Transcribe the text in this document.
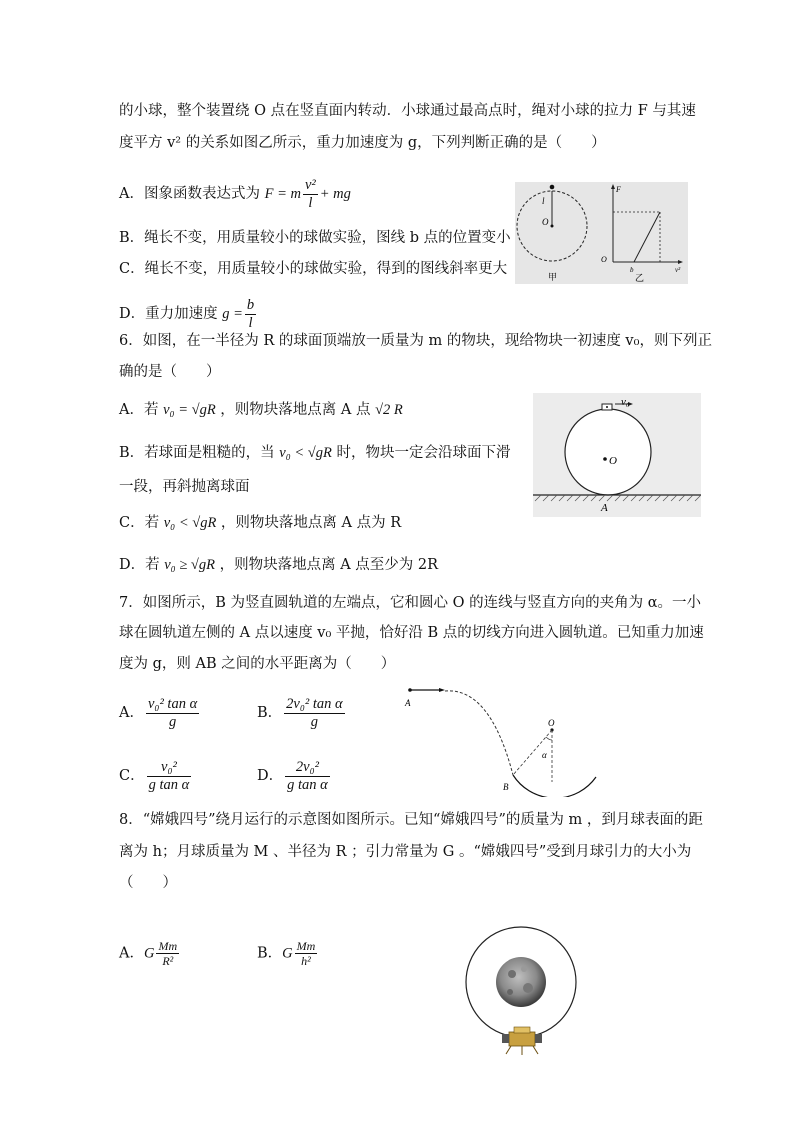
的小球，整个装置绕 O 点在竖直面内转动．小球通过最高点时，绳对小球的拉力 F 与其速
度平方 v² 的关系如图乙所示，重力加速度为 g，下列判断正确的是（　　）
A．图象函数表达式为 F = m $\frac{\text{v²}}{l}$ + mg
B．绳长不变，用质量较小的球做实验，图线 b 点的位置变小
C．绳长不变，用质量较小的球做实验，得到的图线斜率更大
D．重力加速度 $g = \frac{b}{l}$
l
O
甲
F
O
b
乙
v²
6．如图，在一半径为 R 的球面顶端放一质量为 m 的物块，现给物块一初速度 v₀，则下列正
确的是（　　）
A．若 v₀ = √gR ，则物块落地点离 A 点 √2 R
B．若球面是粗糙的，当 v₀ < √gR 时，物块一定会沿球面下滑
一段，再斜抛离球面
C．若 v₀ < √gR ，则物块落地点离 A 点为 R
D．若 v₀ ≥ √gR ，则物块落地点离 A 点至少为 2R
v₀
O
A
7．如图所示，B 为竖直圆轨道的左端点，它和圆心 O 的连线与竖直方向的夹角为 α。一小
球在圆轨道左侧的 A 点以速度 v₀ 平抛，恰好沿 B 点的切线方向进入圆轨道。已知重力加速
度为 g，则 AB 之间的水平距离为（　　）
A． $\frac{\text{v₀² tan α}}{g}$	B． $\frac{\text{2v₀² tan α}}{g}$
C． $\frac{\text{v₀²}}{\text{g tan α}}$	D． $\frac{\text{2v₀²}}{\text{g tan α}}$
A
O
α
B
8．“嫦娥四号”绕月运行的示意图如图所示。已知“嫦娥四号”的质量为 m ，到月球表面的距
离为 h；月球质量为 M 、半径为 R ；引力常量为 G 。“嫦娥四号”受到月球引力的大小为
（　　）
A．G $\frac{Mm}{\text{R²}}$	B．G $\frac{Mm}{\text{h²}}$
